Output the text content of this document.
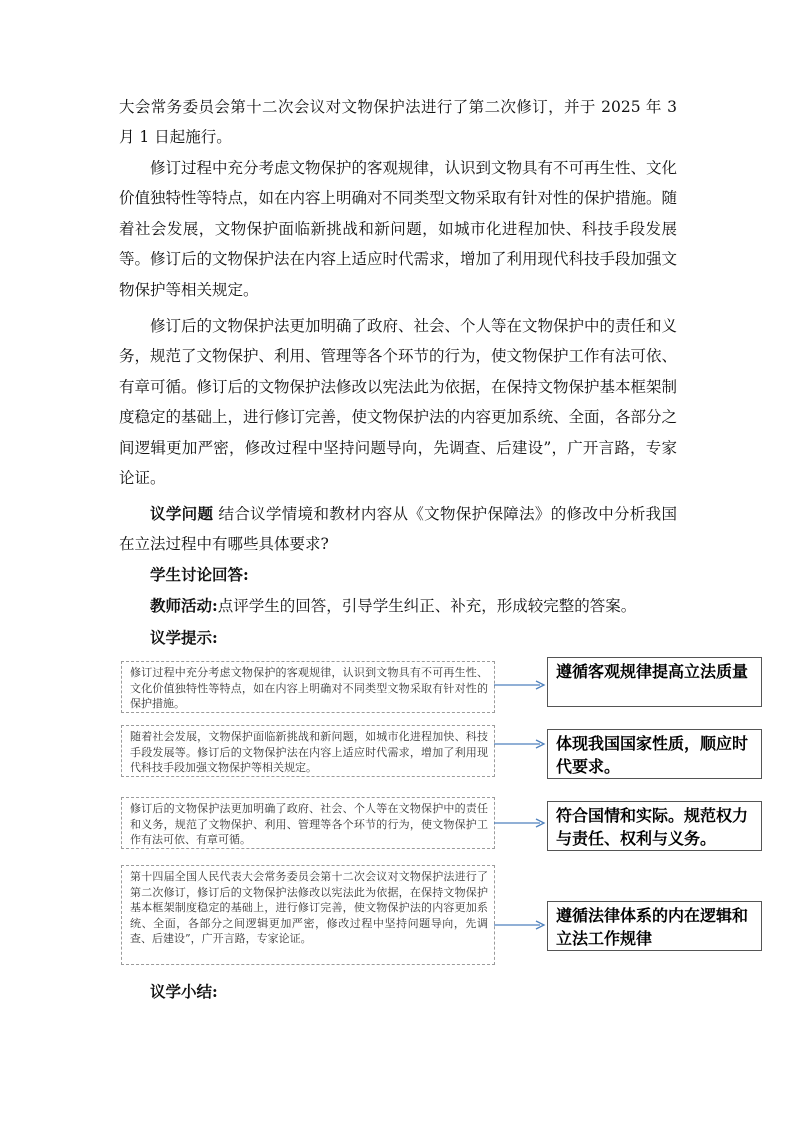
大会常务委员会第十二次会议对文物保护法进行了第二次修订，并于 2025 年 3 月 1 日起施行。

修订过程中充分考虑文物保护的客观规律，认识到文物具有不可再生性、文化价值独特性等特点，如在内容上明确对不同类型文物采取有针对性的保护措施。随着社会发展，文物保护面临新挑战和新问题，如城市化进程加快、科技手段发展等。修订后的文物保护法在内容上适应时代需求，增加了利用现代科技手段加强文物保护等相关规定。

修订后的文物保护法更加明确了政府、社会、个人等在文物保护中的责任和义务，规范了文物保护、利用、管理等各个环节的行为，使文物保护工作有法可依、有章可循。修订后的文物保护法修改以宪法此为依据，在保持文物保护基本框架制度稳定的基础上，进行修订完善，使文物保护法的内容更加系统、全面，各部分之间逻辑更加严密，修改过程中坚持问题导向，先调查、后建设”，广开言路，专家论证。

议学问题 结合议学情境和教材内容从《文物保护保障法》的修改中分析我国在立法过程中有哪些具体要求?

学生讨论回答:

教师活动:点评学生的回答，引导学生纠正、补充，形成较完整的答案。

议学提示:

修订过程中充分考虑文物保护的客观规律，认识到文物具有不可再生性、文化价值独特性等特点，如在内容上明确对不同类型文物采取有针对性的保护措施。
遵循客观规律提高立法质量
随着社会发展，文物保护面临新挑战和新问题，如城市化进程加快、科技手段发展等。修订后的文物保护法在内容上适应时代需求，增加了利用现代科技手段加强文物保护等相关规定。
体现我国国家性质，顺应时代要求。
修订后的文物保护法更加明确了政府、社会、个人等在文物保护中的责任和义务，规范了文物保护、利用、管理等各个环节的行为，使文物保护工作有法可依、有章可循。
符合国情和实际。规范权力与责任、权利与义务。
第十四届全国人民代表大会常务委员会第十二次会议对文物保护法进行了第二次修订，修订后的文物保护法修改以宪法此为依据，在保持文物保护基本框架制度稳定的基础上，进行修订完善，使文物保护法的内容更加系统、全面，各部分之间逻辑更加严密，修改过程中坚持问题导向，先调查、后建设”，广开言路，专家论证。
遵循法律体系的内在逻辑和立法工作规律

议学小结:
